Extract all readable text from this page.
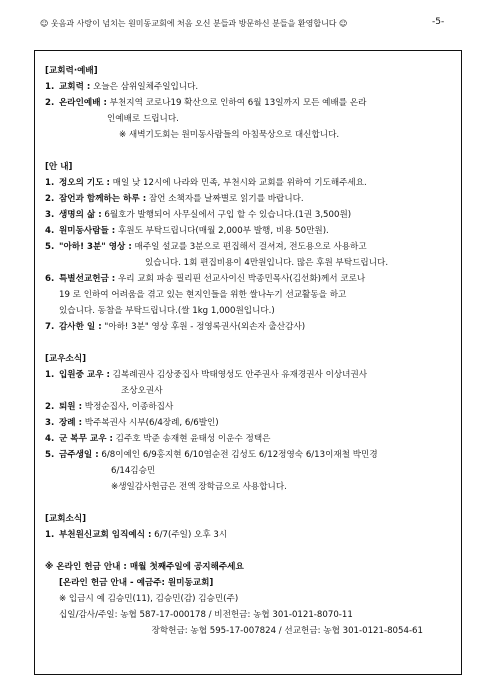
☺ 웃음과 사랑이 넘치는 원미동교회에 처음 오신 분들과 방문하신 분들을 환영합니다 ☺	-5-

[교회력·예배]

1. 교회력 : 오늘은 삼위일체주일입니다.
2. 온라인예배 : 부천지역 코로나19 확산으로 인하여 6월 13일까지 모든 예배를 온라
인예배로 드립니다.
※ 새벽기도회는 원미동사람들의 아침묵상으로 대신합니다.

[안 내]

1. 정오의 기도 : 매일 낮 12시에 나라와 민족, 부천시와 교회를 위하여 기도해주세요.
2. 잠언과 함께하는 하루 : 잠언 소책자를 날짜별로 읽기를 바랍니다.
3. 생명의 삶 : 6월호가 발행되어 사무실에서 구입 할 수 있습니다.(1권 3,500원)
4. 원미동사람들 : 후원도 부탁드립니다(매월 2,000부 발행, 비용 50만원).
5. "아하! 3분" 영상 : 매주일 설교를 3분으로 편집해서 걸셔져, 전도용으로 사용하고
있습니다. 1회 편집비용이 4만원입니다. 많은 후원 부탁드립니다.
6. 특별선교헌금 : 우리 교회 파송 필리핀 선교사이신 박종민목사(김선화)께서 코로나
19 로 인하여 어려움을 겪고 있는 현지인들을 위한 쌀나누기 선교활동을 하고
있습니다. 동참을 부탁드립니다.(쌀 1kg 1,000원입니다.)
7. 감사한 일 : "아하! 3분" 영상 후원 - 정영록권사(외손자 출산감사)

[교우소식]

1. 입원중 교우 : 김복례권사 김상중집사 박태영성도 안주권사 유재경권사 이상녀권사
조상오권사
2. 퇴원 : 박정순집사, 이종하집사
3. 장례 : 박주복권사 시부(6/4장례, 6/6발인)
4. 군 복무 교우 : 김주호 박준 송재현 윤태성 이운수 정택은
5. 금주생일 : 6/8이예인 6/9홍지현 6/10염순전 김성도 6/12정영숙 6/13이재철 박민경
6/14김승민
※생일감사헌금은 전액 장학금으로 사용합니다.

[교회소식]

1. 부천원신교회 임직예식 : 6/7(주일) 오후 3시
※ 온라인 헌금 안내 : 매월 첫째주일에 공지해주세요
[온라인 헌금 안내 - 예금주: 원미동교회]
※ 입금시 예 김승민(11), 김승민(감) 김승민(주)
십일/감사/주일: 농협 587-17-000178 / 비전헌금: 농협 301-0121-8070-11
장학헌금: 농협 595-17-007824 / 선교헌금: 농협 301-0121-8054-61
